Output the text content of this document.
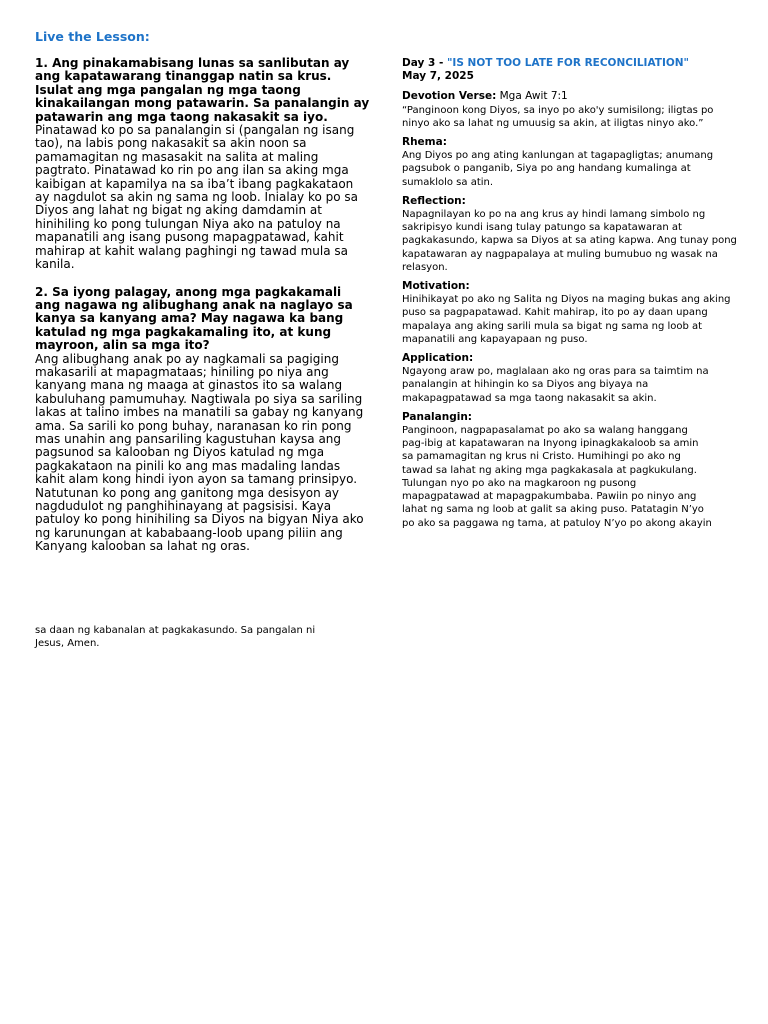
Live the Lesson:
1. Ang pinakamabisang lunas sa sanlibutan ay ang kapatawarang tinanggap natin sa krus. Isulat ang mga pangalan ng mga taong kinakailangan mong patawarin. Sa panalangin ay patawarin ang mga taong nakasakit sa iyo.
Pinatawad ko po sa panalangin si (pangalan ng isang tao), na labis pong nakasakit sa akin noon sa pamamagitan ng masasakit na salita at maling pagtrato. Pinatawad ko rin po ang ilan sa aking mga kaibigan at kapamilya na sa iba’t ibang pagkakataon ay nagdulot sa akin ng sama ng loob. Inialay ko po sa Diyos ang lahat ng bigat ng aking damdamin at hinihiling ko pong tulungan Niya ako na patuloy na mapanatili ang isang pusong mapagpatawad, kahit mahirap at kahit walang paghingi ng tawad mula sa kanila.
2. Sa iyong palagay, anong mga pagkakamali ang nagawa ng alibughang anak na naglayo sa kanya sa kanyang ama? May nagawa ka bang katulad ng mga pagkakamaling ito, at kung mayroon, alin sa mga ito?
Ang alibughang anak po ay nagkamali sa pagiging makasarili at mapagmataas; hiniling po niya ang kanyang mana ng maaga at ginastos ito sa walang kabuluhang pamumuhay. Nagtiwala po siya sa sariling lakas at talino imbes na manatili sa gabay ng kanyang ama. Sa sarili ko pong buhay, naranasan ko rin pong mas unahin ang pansariling kagustuhan kaysa ang pagsunod sa kalooban ng Diyos katulad ng mga pagkakataon na pinili ko ang mas madaling landas kahit alam kong hindi iyon ayon sa tamang prinsipyo. Natutunan ko pong ang ganitong mga desisyon ay nagdudulot ng panghihinayang at pagsisisi. Kaya patuloy ko pong hinihiling sa Diyos na bigyan Niya ako ng karunungan at kababaang-loob upang piliin ang Kanyang kalooban sa lahat ng oras.
Day 3 - "IS NOT TOO LATE FOR RECONCILIATION"
May 7, 2025
Devotion Verse: Mga Awit 7:1
“Panginoon kong Diyos, sa inyo po ako'y sumisilong; iligtas po ninyo ako sa lahat ng umuusig sa akin, at iligtas ninyo ako.”
Rhema:
Ang Diyos po ang ating kanlungan at tagapagligtas; anumang pagsubok o panganib, Siya po ang handang kumalinga at sumaklolo sa atin.
Reflection:
Napagnilayan ko po na ang krus ay hindi lamang simbolo ng sakripisyo kundi isang tulay patungo sa kapatawaran at pagkakasundo, kapwa sa Diyos at sa ating kapwa. Ang tunay pong kapatawaran ay nagpapalaya at muling bumubuo ng wasak na relasyon.
Motivation:
Hinihikayat po ako ng Salita ng Diyos na maging bukas ang aking puso sa pagpapatawad. Kahit mahirap, ito po ay daan upang mapalaya ang aking sarili mula sa bigat ng sama ng loob at mapanatili ang kapayapaan ng puso.
Application:
Ngayong araw po, maglalaan ako ng oras para sa taimtim na panalangin at hihingin ko sa Diyos ang biyaya na makapagpatawad sa mga taong nakasakit sa akin.
Panalangin:
Panginoon, nagpapasalamat po ako sa walang hanggang
pag-ibig at kapatawaran na Inyong ipinagkakaloob sa amin
sa pamamagitan ng krus ni Cristo. Humihingi po ako ng
tawad sa lahat ng aking mga pagkakasala at pagkukulang.
Tulungan nyo po ako na magkaroon ng pusong
mapagpatawad at mapagpakumbaba. Pawiin po ninyo ang
lahat ng sama ng loob at galit sa aking puso. Patatagin N’yo
po ako sa paggawa ng tama, at patuloy N’yo po akong akayin
sa daan ng kabanalan at pagkakasundo. Sa pangalan ni Jesus, Amen.
